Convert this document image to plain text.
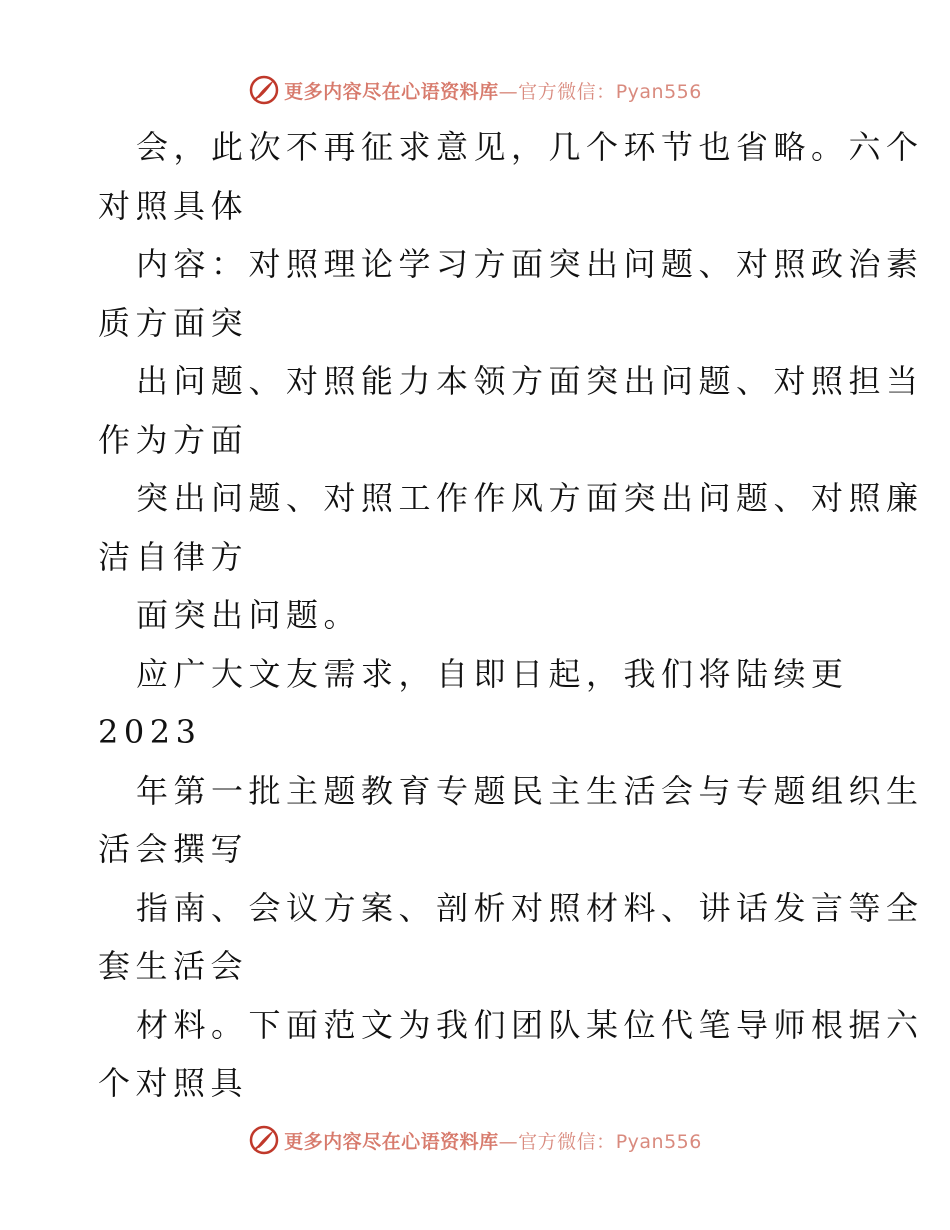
更多内容尽在心语资料库—官方微信：Pyan556
会，此次不再征求意见，几个环节也省略。六个
对照具体
内容：对照理论学习方面突出问题、对照政治素
质方面突
出问题、对照能力本领方面突出问题、对照担当
作为方面
突出问题、对照工作作风方面突出问题、对照廉
洁自律方
面突出问题。
应广大文友需求，自即日起，我们将陆续更
2023
年第一批主题教育专题民主生活会与专题组织生
活会撰写
指南、会议方案、剖析对照材料、讲话发言等全
套生活会
材料。下面范文为我们团队某位代笔导师根据六
个对照具
更多内容尽在心语资料库—官方微信：Pyan556
